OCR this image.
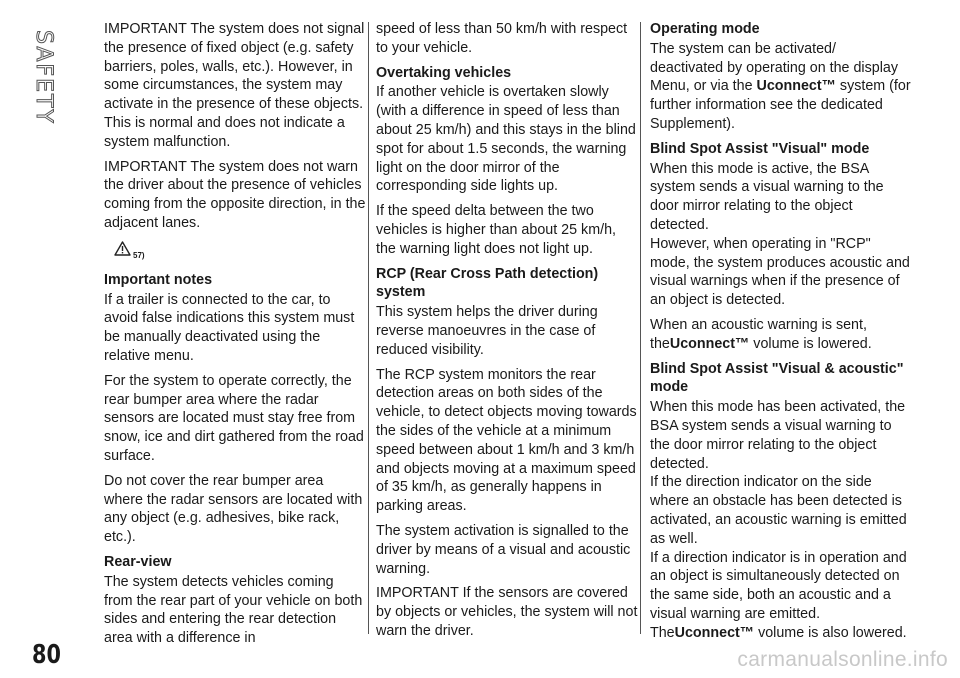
SAFETY
80

IMPORTANT The system does not signal the presence of fixed object (e.g. safety barriers, poles, walls, etc.). However, in some circumstances, the system may activate in the presence of these objects. This is normal and does not indicate a system malfunction.

IMPORTANT The system does not warn the driver about the presence of vehicles coming from the opposite direction, in the adjacent lanes.

57)

Important notes

If a trailer is connected to the car, to avoid false indications this system must be manually deactivated using the relative menu.

For the system to operate correctly, the rear bumper area where the radar sensors are located must stay free from snow, ice and dirt gathered from the road surface.

Do not cover the rear bumper area where the radar sensors are located with any object (e.g. adhesives, bike rack, etc.).

Rear-view

The system detects vehicles coming from the rear part of your vehicle on both sides and entering the rear detection area with a difference in

speed of less than 50 km/h with respect to your vehicle.

Overtaking vehicles

If another vehicle is overtaken slowly (with a difference in speed of less than about 25 km/h) and this stays in the blind spot for about 1.5 seconds, the warning light on the door mirror of the corresponding side lights up.

If the speed delta between the two vehicles is higher than about 25 km/h, the warning light does not light up.

RCP (Rear Cross Path detection) system

This system helps the driver during reverse manoeuvres in the case of reduced visibility.

The RCP system monitors the rear detection areas on both sides of the vehicle, to detect objects moving towards the sides of the vehicle at a minimum speed between about 1 km/h and 3 km/h and objects moving at a maximum speed of 35 km/h, as generally happens in parking areas.

The system activation is signalled to the driver by means of a visual and acoustic warning.

IMPORTANT If the sensors are covered by objects or vehicles, the system will not warn the driver.

Operating mode

The system can be activated/ deactivated by operating on the display Menu, or via the Uconnect™ system (for further information see the dedicated Supplement).

Blind Spot Assist "Visual" mode

When this mode is active, the BSA system sends a visual warning to the door mirror relating to the object detected.

However, when operating in "RCP" mode, the system produces acoustic and visual warnings when if the presence of an object is detected.

When an acoustic warning is sent, theUconnect™ volume is lowered.

Blind Spot Assist "Visual & acoustic" mode

When this mode has been activated, the BSA system sends a visual warning to the door mirror relating to the object detected.

If the direction indicator on the side where an obstacle has been detected is activated, an acoustic warning is emitted as well.

If a direction indicator is in operation and an object is simultaneously detected on the same side, both an acoustic and a visual warning are emitted. TheUconnect™ volume is also lowered.

carmanualsonline.info
